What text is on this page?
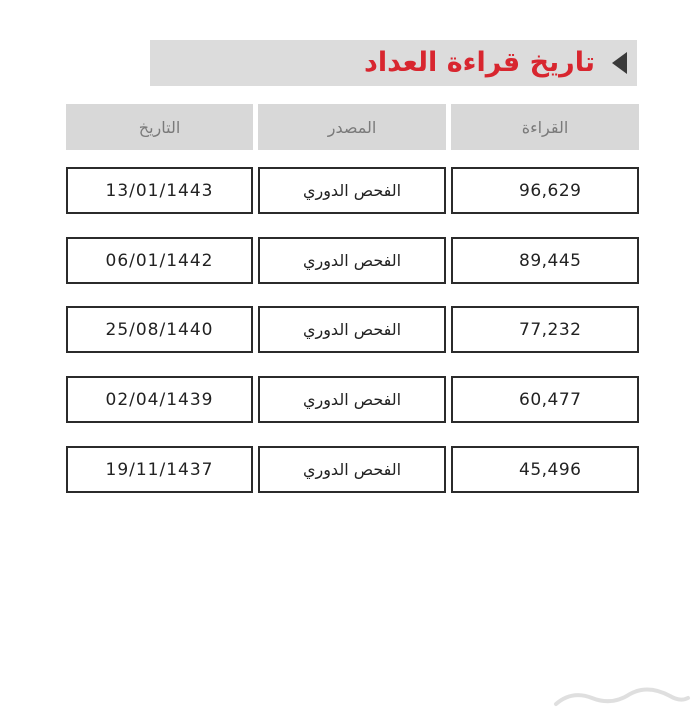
تاريخ قراءة العداد
التاريخ	المصدر	القراءة
13/01/1443	الفحص الدوري	96,629
06/01/1442	الفحص الدوري	89,445
25/08/1440	الفحص الدوري	77,232
02/04/1439	الفحص الدوري	60,477
19/11/1437	الفحص الدوري	45,496
